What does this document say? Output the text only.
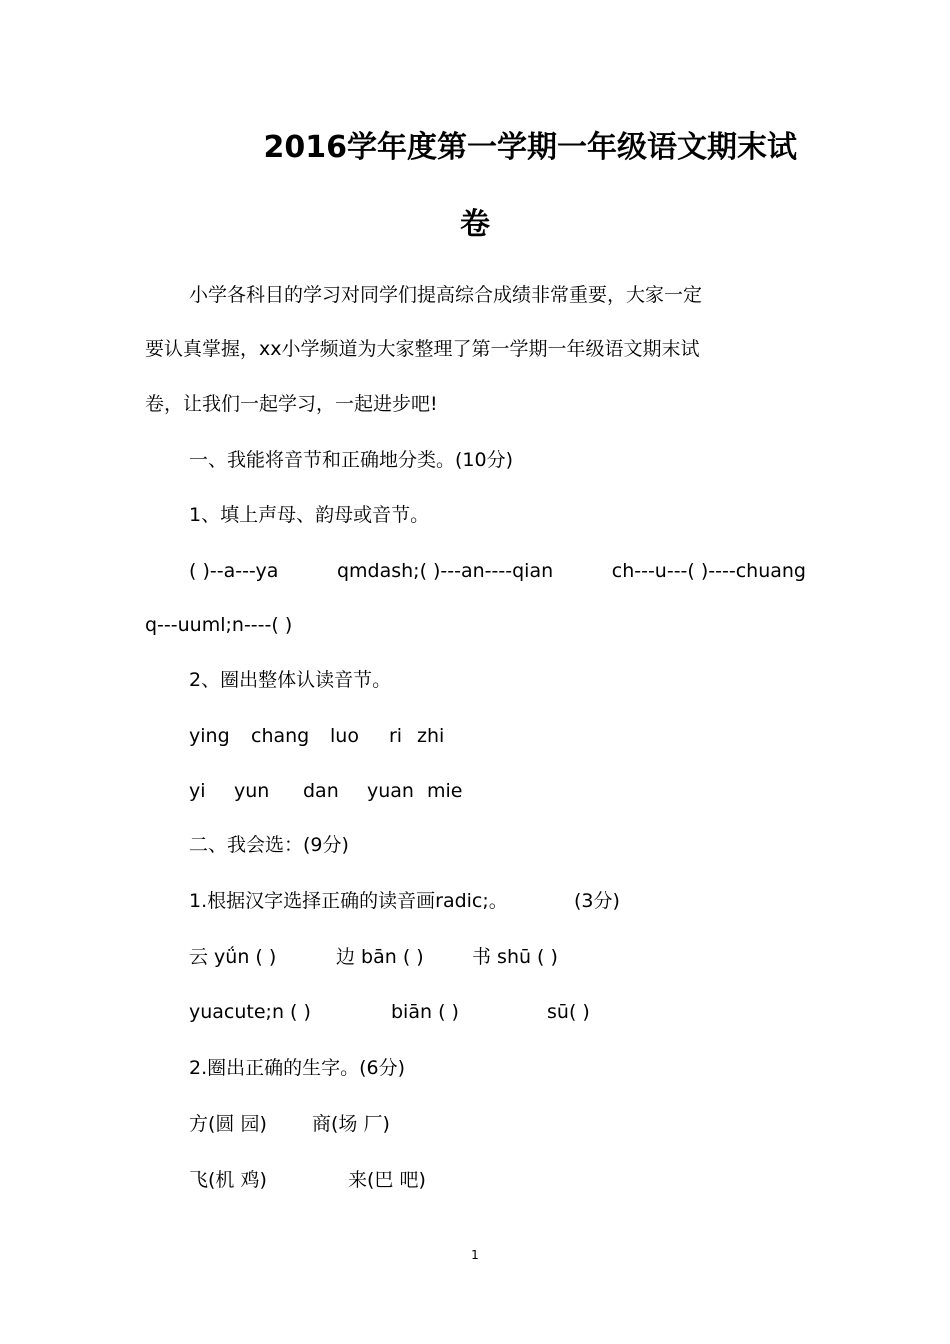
2016学年度第一学期一年级语文期末试
卷
小学各科目的学习对同学们提高综合成绩非常重要，大家一定
要认真掌握，xx小学频道为大家整理了第一学期一年级语文期末试
卷，让我们一起学习，一起进步吧!
一、我能将音节和正确地分类。(10分)
1、填上声母、韵母或音节。
( )--a---ya	qmdash;( )---an----qian	ch---u---( )----chuang
q---uuml;n----( )
2、圈出整体认读音节。
ying chang luo ri zhi
yi yun dan yuan mie
二、我会选：(9分)
1.根据汉字选择正确的读音画radic;。	(3分)
云 yǘn ( )	边 bān ( )	书 shū ( )
yuacute;n ( )	biān ( )	sū( )
2.圈出正确的生字。(6分)
方(圆 园) 商(场 厂)
飞(机 鸡)	来(巴 吧)
1
